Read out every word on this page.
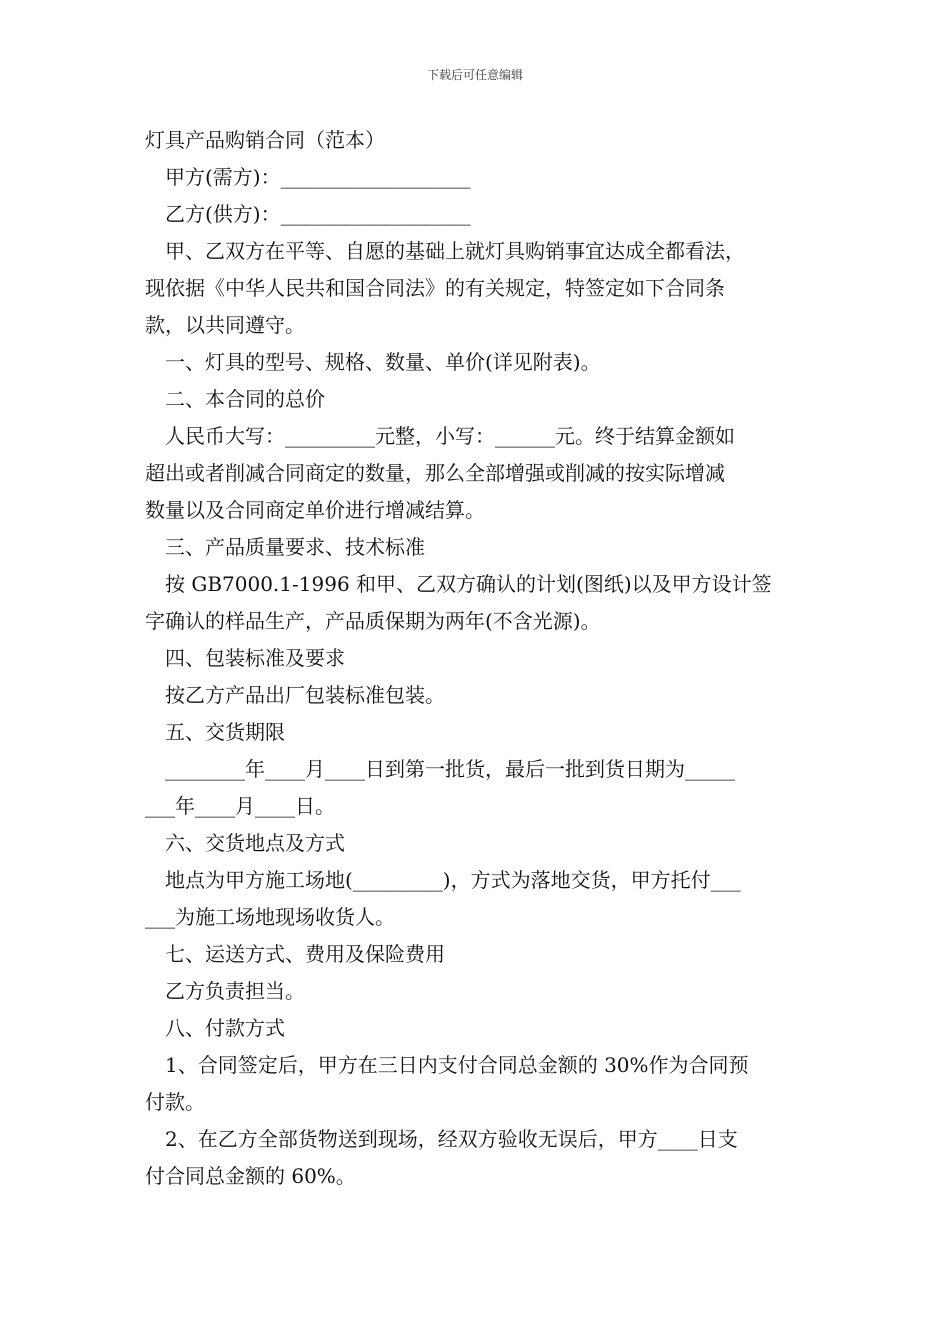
下载后可任意编辑

灯具产品购销合同（范本）

甲方(需方)：___________________

乙方(供方)：___________________

甲、乙双方在平等、自愿的基础上就灯具购销事宜达成全都看法，

现依据《中华人民共和国合同法》的有关规定，特签定如下合同条

款，以共同遵守。

一、灯具的型号、规格、数量、单价(详见附表)。

二、本合同的总价

人民币大写：_________元整，小写：______元。终于结算金额如

超出或者削减合同商定的数量，那么全部增强或削减的按实际增减

数量以及合同商定单价进行增减结算。

三、产品质量要求、技术标准

按 GB7000.1-1996 和甲、乙双方确认的计划(图纸)以及甲方设计签

字确认的样品生产，产品质保期为两年(不含光源)。

四、包装标准及要求

按乙方产品出厂包装标准包装。

五、交货期限

________年____月____日到第一批货，最后一批到货日期为_____

___年____月____日。

六、交货地点及方式

地点为甲方施工场地(_________)，方式为落地交货，甲方托付___

___为施工场地现场收货人。

七、运送方式、费用及保险费用

乙方负责担当。

八、付款方式

1、合同签定后，甲方在三日内支付合同总金额的 30%作为合同预

付款。

2、在乙方全部货物送到现场，经双方验收无误后，甲方____日支

付合同总金额的 60%。
